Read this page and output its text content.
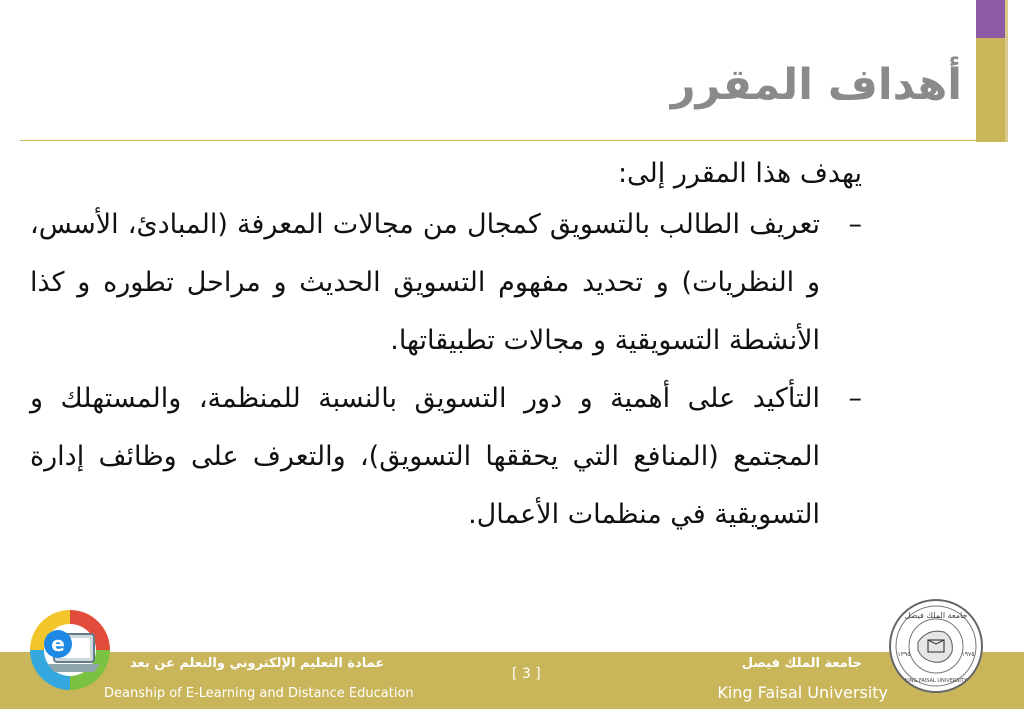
أهداف المقرر
يهدف هذا المقرر إلى:
–
تعريف الطالب بالتسويق كمجال من مجالات المعرفة (المبادئ، الأسس، و النظريات) و تحديد مفهوم التسويق الحديث و مراحل تطوره و كذا الأنشطة التسويقية و مجالات تطبيقاتها.
–
التأكيد على أهمية و دور التسويق بالنسبة للمنظمة، والمستهلك و المجتمع (المنافع التي يحققها التسويق)، والتعرف على وظائف إدارة التسويقية في منظمات الأعمال.
عمادة التعليم الإلكتروني والتعلم عن بعد
Deanship of E-Learning and Distance Education
[ 3 ]
جامعة الملك فيصل
King Faisal University
e
جامعة الملك فيصل
١٣٩٥	١٩٧٥
KING FAISAL UNIVERSITY
